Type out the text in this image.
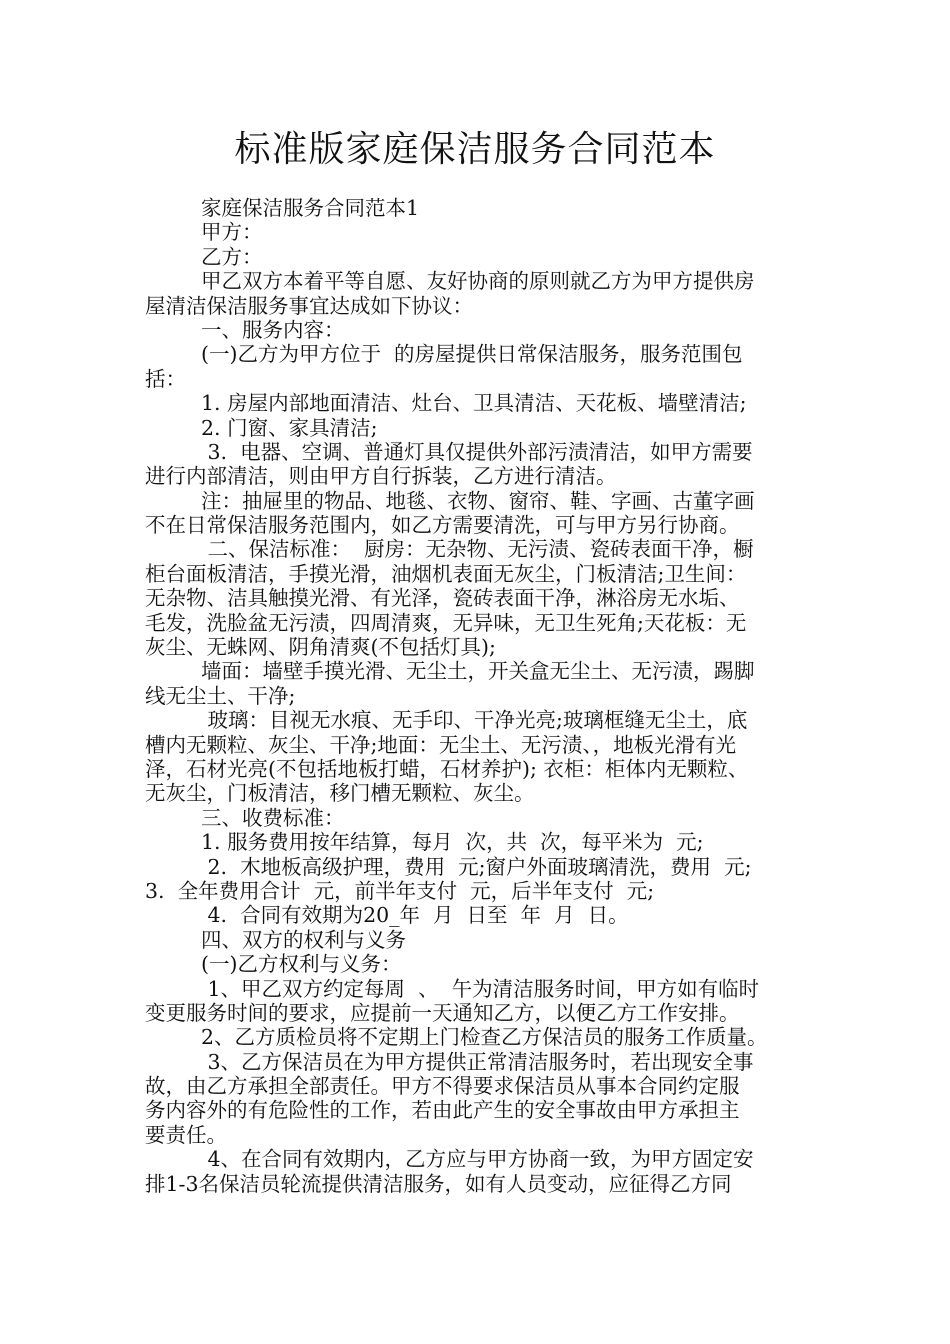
标准版家庭保洁服务合同范本
家庭保洁服务合同范本1
甲方：
乙方：
甲乙双方本着平等自愿、友好协商的原则就乙方为甲方提供房
屋清洁保洁服务事宜达成如下协议：
一、服务内容：
(一)乙方为甲方位于  的房屋提供日常保洁服务，服务范围包
括：
1. 房屋内部地面清洁、灶台、卫具清洁、天花板、墙壁清洁;
2. 门窗、家具清洁;
3.  电器、空调、普通灯具仅提供外部污渍清洁，如甲方需要
进行内部清洁，则由甲方自行拆装，乙方进行清洁。
注：抽屉里的物品、地毯、衣物、窗帘、鞋、字画、古董字画
不在日常保洁服务范围内，如乙方需要清洗，可与甲方另行协商。
二、保洁标准：  厨房：无杂物、无污渍、瓷砖表面干净，橱
柜台面板清洁，手摸光滑，油烟机表面无灰尘，门板清洁;卫生间：
无杂物、洁具触摸光滑、有光泽，瓷砖表面干净，淋浴房无水垢、
毛发，洗脸盆无污渍，四周清爽，无异味，无卫生死角;天花板：无
灰尘、无蛛网、阴角清爽(不包括灯具);
墙面：墙壁手摸光滑、无尘土，开关盒无尘土、无污渍，踢脚
线无尘土、干净;
玻璃：目视无水痕、无手印、干净光亮;玻璃框缝无尘土，底
槽内无颗粒、灰尘、干净;地面：无尘土、无污渍、，地板光滑有光
泽，石材光亮(不包括地板打蜡，石材养护); 衣柜：柜体内无颗粒、
无灰尘，门板清洁，移门槽无颗粒、灰尘。
三、收费标准：
1. 服务费用按年结算，每月  次，共  次，每平米为  元;
2.  木地板高级护理，费用  元;窗户外面玻璃清洗，费用  元;
3.  全年费用合计  元，前半年支付  元，后半年支付  元;
4.  合同有效期为20_年  月  日至  年  月  日。
四、双方的权利与义务
(一)乙方权利与义务：
1、甲乙双方约定每周  、  午为清洁服务时间，甲方如有临时
变更服务时间的要求，应提前一天通知乙方，以便乙方工作安排。
2、乙方质检员将不定期上门检查乙方保洁员的服务工作质量。
3、乙方保洁员在为甲方提供正常清洁服务时，若出现安全事
故，由乙方承担全部责任。甲方不得要求保洁员从事本合同约定服
务内容外的有危险性的工作，若由此产生的安全事故由甲方承担主
要责任。
4、在合同有效期内，乙方应与甲方协商一致，为甲方固定安
排1-3名保洁员轮流提供清洁服务，如有人员变动，应征得乙方同
